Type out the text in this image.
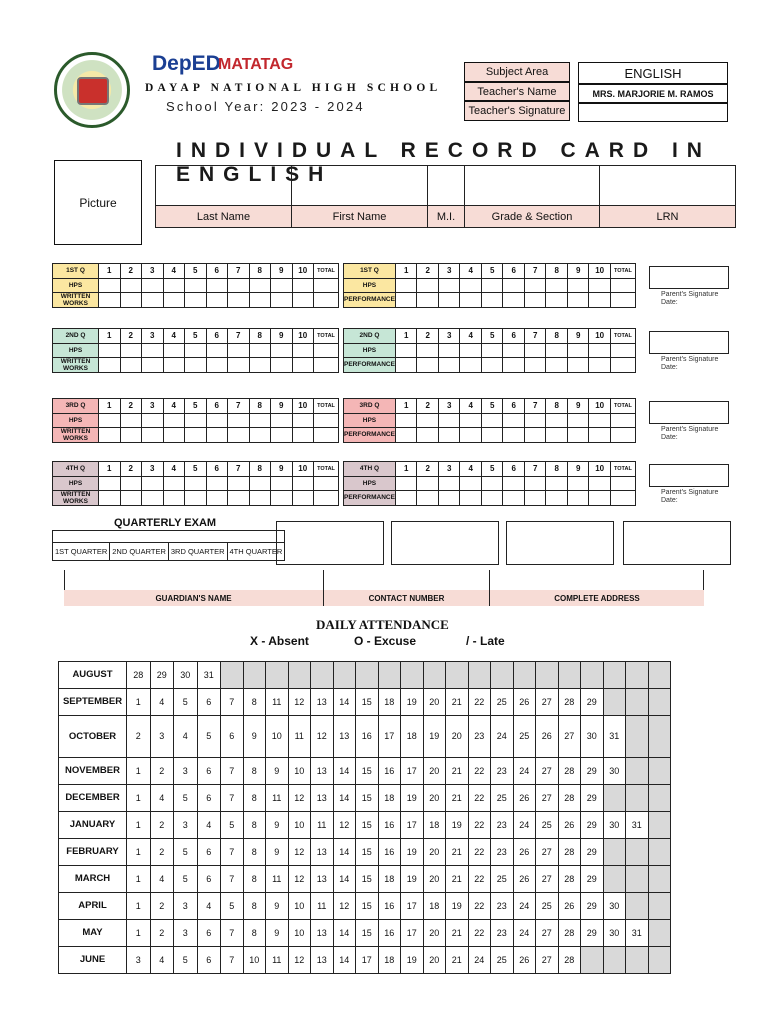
DepED
MATATAG
DAYAP NATIONAL HIGH SCHOOL
School Year: 2023 - 2024
Subject Area
Teacher's Name
Teacher's Signature
ENGLISH
MRS. MARJORIE M. RAMOS
INDIVIDUAL RECORD CARD IN ENGLISH
Picture

Last Name	First Name	M.I.	Grade & Section	LRN
1ST Q	1	2	3	4	5	6	7	8	9	10	TOTAL
HPS											
WRITTEN WORKS											
1ST Q	1	2	3	4	5	6	7	8	9	10	TOTAL
HPS											
PERFORMANCE											
Parent's Signature
Date:
2ND Q	1	2	3	4	5	6	7	8	9	10	TOTAL
HPS											
WRITTEN WORKS											
2ND Q	1	2	3	4	5	6	7	8	9	10	TOTAL
HPS											
PERFORMANCE											
Parent's Signature
Date:
3RD Q	1	2	3	4	5	6	7	8	9	10	TOTAL
HPS											
WRITTEN WORKS											
3RD Q	1	2	3	4	5	6	7	8	9	10	TOTAL
HPS											
PERFORMANCE											
Parent's Signature
Date:
4TH Q	1	2	3	4	5	6	7	8	9	10	TOTAL
HPS											
WRITTEN WORKS											
4TH Q	1	2	3	4	5	6	7	8	9	10	TOTAL
HPS											
PERFORMANCE											
Parent's Signature
Date:
QUARTERLY EXAM

1ST QUARTER	2ND QUARTER	3RD QUARTER	4TH QUARTER
GUARDIAN'S NAME	CONTACT NUMBER	COMPLETE ADDRESS
DAILY ATTENDANCE
X - Absent	O - Excuse	/ - Late
AUGUST	28	29	30	31																				
SEPTEMBER	1	4	5	6	7	8	11	12	13	14	15	18	19	20	21	22	25	26	27	28	29			
OCTOBER	2	3	4	5	6	9	10	11	12	13	16	17	18	19	20	23	24	25	26	27	30	31		
NOVEMBER	1	2	3	6	7	8	9	10	13	14	15	16	17	20	21	22	23	24	27	28	29	30		
DECEMBER	1	4	5	6	7	8	11	12	13	14	15	18	19	20	21	22	25	26	27	28	29			
JANUARY	1	2	3	4	5	8	9	10	11	12	15	16	17	18	19	22	23	24	25	26	29	30	31	
FEBRUARY	1	2	5	6	7	8	9	12	13	14	15	16	19	20	21	22	23	26	27	28	29			
MARCH	1	4	5	6	7	8	11	12	13	14	15	18	19	20	21	22	25	26	27	28	29			
APRIL	1	2	3	4	5	8	9	10	11	12	15	16	17	18	19	22	23	24	25	26	29	30		
MAY	1	2	3	6	7	8	9	10	13	14	15	16	17	20	21	22	23	24	27	28	29	30	31	
JUNE	3	4	5	6	7	10	11	12	13	14	17	18	19	20	21	24	25	26	27	28				
